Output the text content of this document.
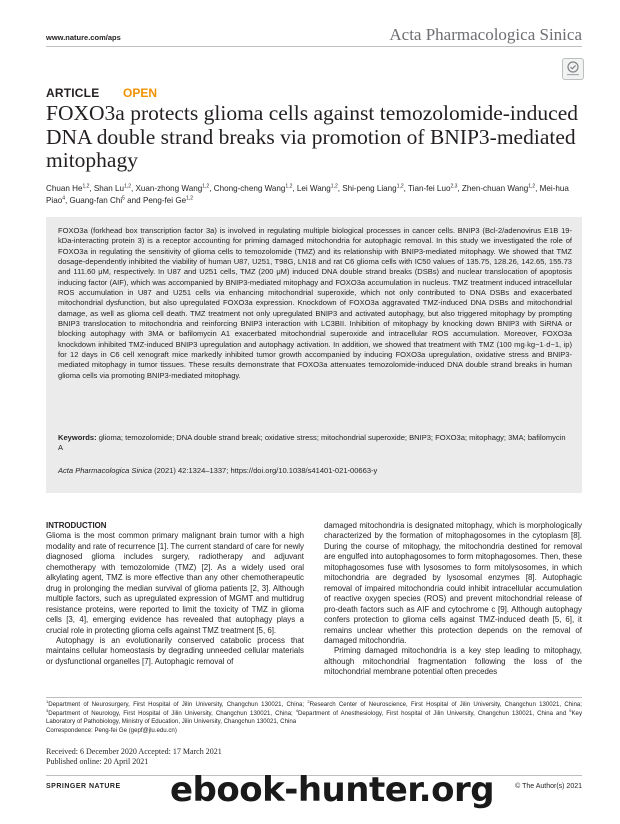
www.nature.com/aps	Acta Pharmacologica Sinica
ARTICLE OPEN
FOXO3a protects glioma cells against temozolomide-induced DNA double strand breaks via promotion of BNIP3-mediated mitophagy
Chuan He$^{1,2}$, Shan Lu$^{1,2}$, Xuan-zhong Wang$^{1,2}$, Chong-cheng Wang$^{1,2}$, Lei Wang$^{1,2}$, Shi-peng Liang$^{1,2}$, Tian-fei Luo$^{2,3}$, Zhen-chuan Wang$^{1,2}$, Mei-hua Piao$^4$, Guang-fan Chi$^5$ and Peng-fei Ge$^{1,2}$
FOXO3a (forkhead box transcription factor 3a) is involved in regulating multiple biological processes in cancer cells. BNIP3 (Bcl-2/adenovirus E1B 19-kDa-interacting protein 3) is a receptor accounting for priming damaged mitochondria for autophagic removal. In this study we investigated the role of FOXO3a in regulating the sensitivity of glioma cells to temozolomide (TMZ) and its relationship with BNIP3-mediated mitophagy. We showed that TMZ dosage-dependently inhibited the viability of human U87, U251, T98G, LN18 and rat C6 glioma cells with IC50 values of 135.75, 128.26, 142.65, 155.73 and 111.60 μM, respectively. In U87 and U251 cells, TMZ (200 μM) induced DNA double strand breaks (DSBs) and nuclear translocation of apoptosis inducing factor (AIF), which was accompanied by BNIP3-mediated mitophagy and FOXO3a accumulation in nucleus. TMZ treatment induced intracellular ROS accumulation in U87 and U251 cells via enhancing mitochondrial superoxide, which not only contributed to DNA DSBs and exacerbated mitochondrial dysfunction, but also upregulated FOXO3a expression. Knockdown of FOXO3a aggravated TMZ-induced DNA DSBs and mitochondrial damage, as well as glioma cell death. TMZ treatment not only upregulated BNIP3 and activated autophagy, but also triggered mitophagy by prompting BNIP3 translocation to mitochondria and reinforcing BNIP3 interaction with LC3BII. Inhibition of mitophagy by knocking down BNIP3 with SiRNA or blocking autophagy with 3MA or bafilomycin A1 exacerbated mitochondrial superoxide and intracellular ROS accumulation. Moreover, FOXO3a knockdown inhibited TMZ-induced BNIP3 upregulation and autophagy activation. In addition, we showed that treatment with TMZ (100 mg·kg−1·d−1, ip) for 12 days in C6 cell xenograft mice markedly inhibited tumor growth accompanied by inducing FOXO3a upregulation, oxidative stress and BNIP3-mediated mitophagy in tumor tissues. These results demonstrate that FOXO3a attenuates temozolomide-induced DNA double strand breaks in human glioma cells via promoting BNIP3-mediated mitophagy.
Keywords: glioma; temozolomide; DNA double strand break; oxidative stress; mitochondrial superoxide; BNIP3; FOXO3a; mitophagy; 3MA; bafilomycin A
Acta Pharmacologica Sinica (2021) 42:1324–1337; https://doi.org/10.1038/s41401-021-00663-y
INTRODUCTION

Glioma is the most common primary malignant brain tumor with a high modality and rate of recurrence [1]. The current standard of care for newly diagnosed glioma includes surgery, radiotherapy and adjuvant chemotherapy with temozolomide (TMZ) [2]. As a widely used oral alkylating agent, TMZ is more effective than any other chemotherapeutic drug in prolonging the median survival of glioma patients [2, 3]. Although multiple factors, such as upregulated expression of MGMT and multidrug resistance proteins, were reported to limit the toxicity of TMZ in glioma cells [3, 4], emerging evidence has revealed that autophagy plays a crucial role in protecting glioma cells against TMZ treatment [5, 6].

Autophagy is an evolutionarily conserved catabolic process that maintains cellular homeostasis by degrading unneeded cellular materials or dysfunctional organelles [7]. Autophagic removal of

damaged mitochondria is designated mitophagy, which is morphologically characterized by the formation of mitophagosomes in the cytoplasm [8]. During the course of mitophagy, the mitochondria destined for removal are engulfed into autophagosomes to form mitophagosomes. Then, these mitophagosomes fuse with lysosomes to form mitolysosomes, in which mitochondria are degraded by lysosomal enzymes [8]. Autophagic removal of impaired mitochondria could inhibit intracellular accumulation of reactive oxygen species (ROS) and prevent mitochondrial release of pro-death factors such as AIF and cytochrome c [9]. Although autophagy confers protection to glioma cells against TMZ-induced death [5, 6], it remains unclear whether this protection depends on the removal of damaged mitochondria.

Priming damaged mitochondria is a key step leading to mitophagy, although mitochondrial fragmentation following the loss of the mitochondrial membrane potential often precedes

$^1$Department of Neurosurgery, First Hospital of Jilin University, Changchun 130021, China; $^2$Research Center of Neuroscience, First Hospital of Jilin University, Changchun 130021, China; $^3$Department of Neurology, First Hospital of Jilin University, Changchun 130021, China; $^4$Department of Anesthesiology, First hospital of Jilin University, Changchun 130021, China and $^5$Key Laboratory of Pathobiology, Ministry of Education, Jilin University, Changchun 130021, China
Correspondence: Peng-fei Ge (gepf@jlu.edu.cn)
Received: 6 December 2020 Accepted: 17 March 2021
Published online: 20 April 2021
SPRINGER NATURE	© The Author(s) 2021
ebook-hunter.org
